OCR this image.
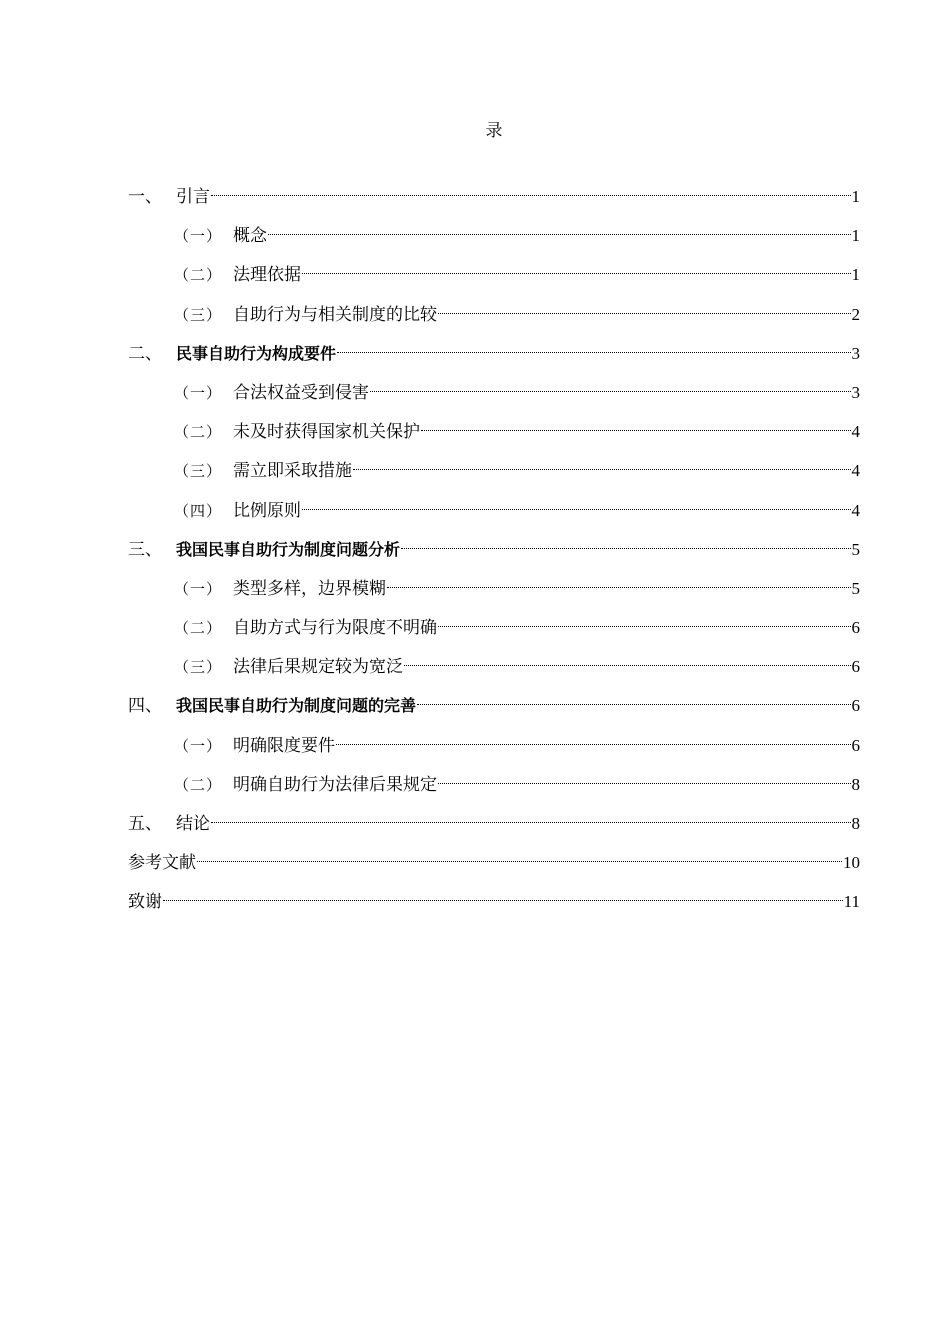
录
一、 引言	1
（一） 概念	1
（二） 法理依据	1
（三） 自助行为与相关制度的比较	2
二、 民事自助行为构成要件	3
（一） 合法权益受到侵害	3
（二） 未及时获得国家机关保护	4
（三） 需立即采取措施	4
（四） 比例原则	4
三、 我国民事自助行为制度问题分析	5
（一） 类型多样，边界模糊	5
（二） 自助方式与行为限度不明确	6
（三） 法律后果规定较为宽泛	6
四、 我国民事自助行为制度问题的完善	6
（一） 明确限度要件	6
（二） 明确自助行为法律后果规定	8
五、 结论	8
参考文献	10
致谢	11
